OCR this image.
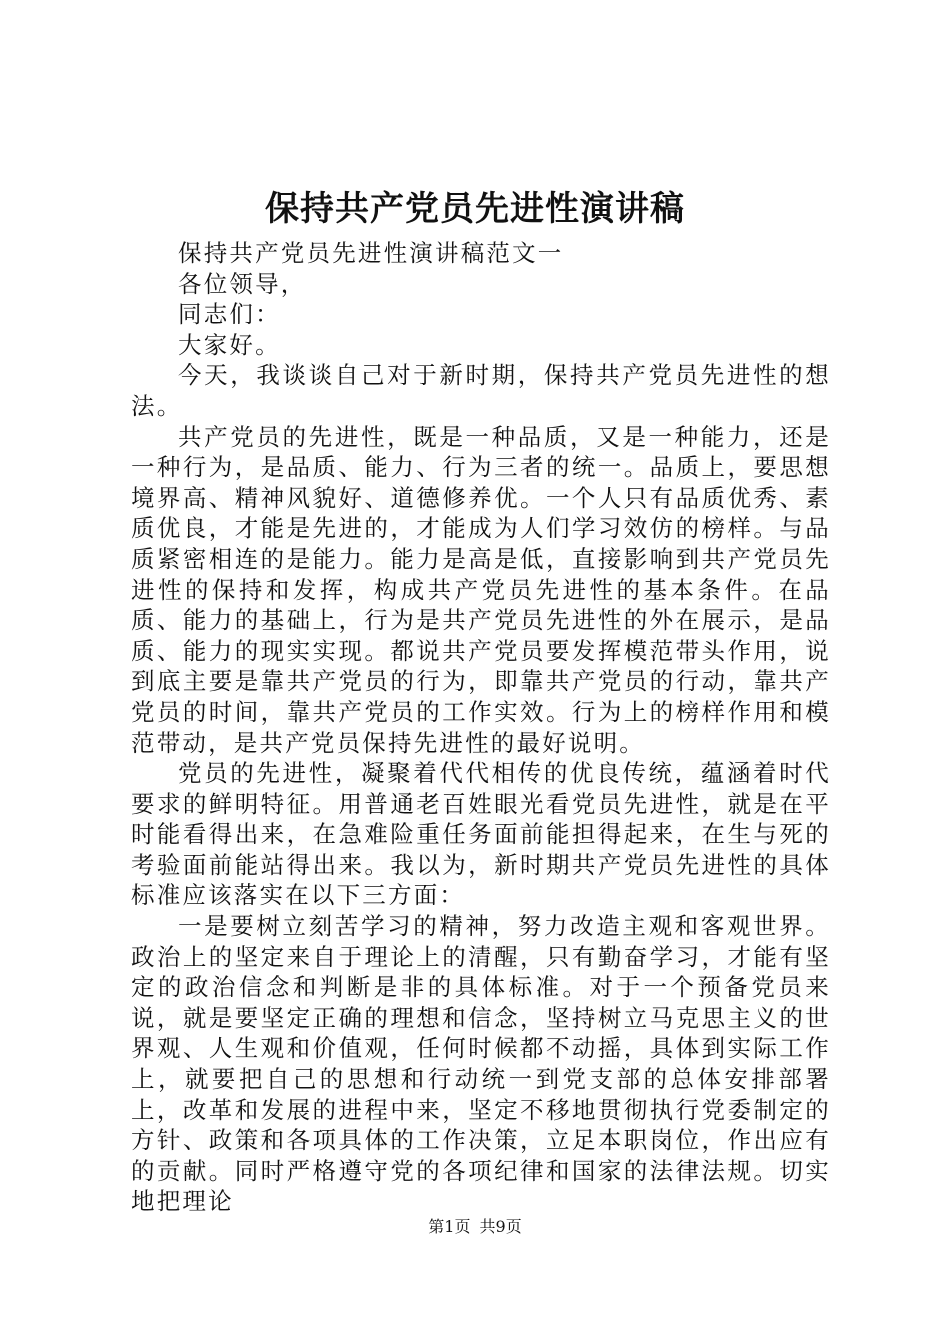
保持共产党员先进性演讲稿

保持共产党员先进性演讲稿范文一

各位领导，

同志们：

大家好。

今天，我谈谈自己对于新时期，保持共产党员先进性的想法。

共产党员的先进性，既是一种品质，又是一种能力，还是一种行为，是品质、能力、行为三者的统一。品质上，要思想境界高、精神风貌好、道德修养优。一个人只有品质优秀、素质优良，才能是先进的，才能成为人们学习效仿的榜样。与品质紧密相连的是能力。能力是高是低，直接影响到共产党员先进性的保持和发挥，构成共产党员先进性的基本条件。在品质、能力的基础上，行为是共产党员先进性的外在展示，是品质、能力的现实实现。都说共产党员要发挥模范带头作用，说到底主要是靠共产党员的行为，即靠共产党员的行动，靠共产党员的时间，靠共产党员的工作实效。行为上的榜样作用和模范带动，是共产党员保持先进性的最好说明。

党员的先进性，凝聚着代代相传的优良传统，蕴涵着时代要求的鲜明特征。用普通老百姓眼光看党员先进性，就是在平时能看得出来，在急难险重任务面前能担得起来，在生与死的考验面前能站得出来。我以为，新时期共产党员先进性的具体标准应该落实在以下三方面：

一是要树立刻苦学习的精神，努力改造主观和客观世界。政治上的坚定来自于理论上的清醒，只有勤奋学习，才能有坚定的政治信念和判断是非的具体标准。对于一个预备党员来说，就是要坚定正确的理想和信念，坚持树立马克思主义的世界观、人生观和价值观，任何时候都不动摇，具体到实际工作上，就要把自己的思想和行动统一到党支部的总体安排部署上，改革和发展的进程中来，坚定不移地贯彻执行党委制定的方针、政策和各项具体的工作决策，立足本职岗位，作出应有的贡献。同时严格遵守党的各项纪律和国家的法律法规。切实地把理论

第1页 共9页
